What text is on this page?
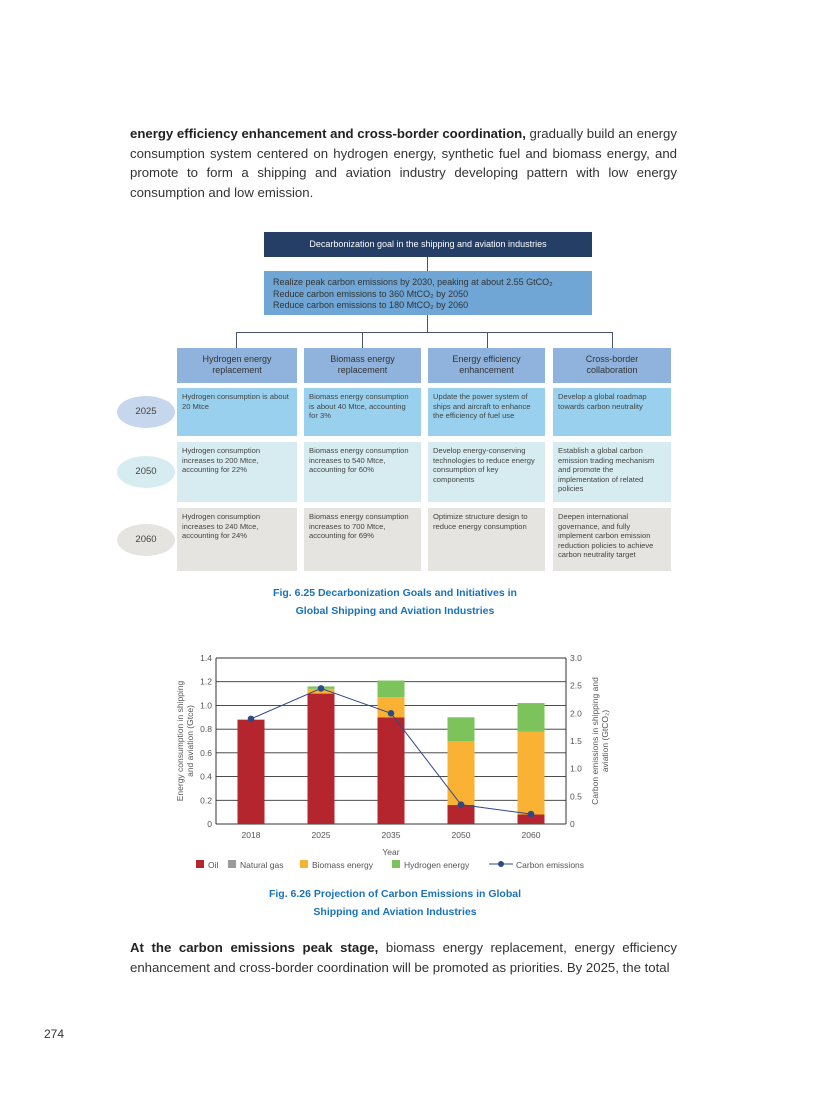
energy efficiency enhancement and cross-border coordination, gradually build an energy consumption system centered on hydrogen energy, synthetic fuel and biomass energy, and promote to form a shipping and aviation industry developing pattern with low energy consumption and low emission.
Decarbonization goal in the shipping and aviation industries
Realize peak carbon emissions by 2030, peaking at about 2.55 GtCO₂
Reduce carbon emissions to 360 MtCO₂ by 2050
Reduce carbon emissions to 180 MtCO₂ by 2060
Hydrogen energy replacement
Biomass energy replacement
Energy efficiency enhancement
Cross-border collaboration
2025
Hydrogen consumption is about 20 Mtce
Biomass energy consumption is about 40 Mtce, accounting for 3%
Update the power system of ships and aircraft to enhance the efficiency of fuel use
Develop a global roadmap towards carbon neutrality
2050
Hydrogen consumption increases to 200 Mtce, accounting for 22%
Biomass energy consumption increases to 540 Mtce, accounting for 60%
Develop energy-conserving technologies to reduce energy consumption of key components
Establish a global carbon emission trading mechanism and promote the implementation of related policies
2060
Hydrogen consumption increases to 240 Mtce, accounting for 24%
Biomass energy consumption increases to 700 Mtce, accounting for 69%
Optimize structure design to reduce energy consumption
Deepen international governance, and fully implement carbon emission reduction policies to achieve carbon neutrality target
Fig. 6.25 Decarbonization Goals and Initiatives in
Global Shipping and Aviation Industries
0
0.2
0.4
0.6
0.8
1.0
1.2
1.4
0
0.5
1.0
1.5
2.0
2.5
3.0
2018	2025	2035	2050	2060
Year
Energy consumption in shipping and aviation (Gtce)	Carbon emissions in shipping and aviation (GtCO₂)
Oil	Natural gas	Biomass energy	Hydrogen energy	Carbon emissions
Fig. 6.26 Projection of Carbon Emissions in Global
Shipping and Aviation Industries
At the carbon emissions peak stage, biomass energy replacement, energy efficiency enhancement and cross-border coordination will be promoted as priorities. By 2025, the total
274
